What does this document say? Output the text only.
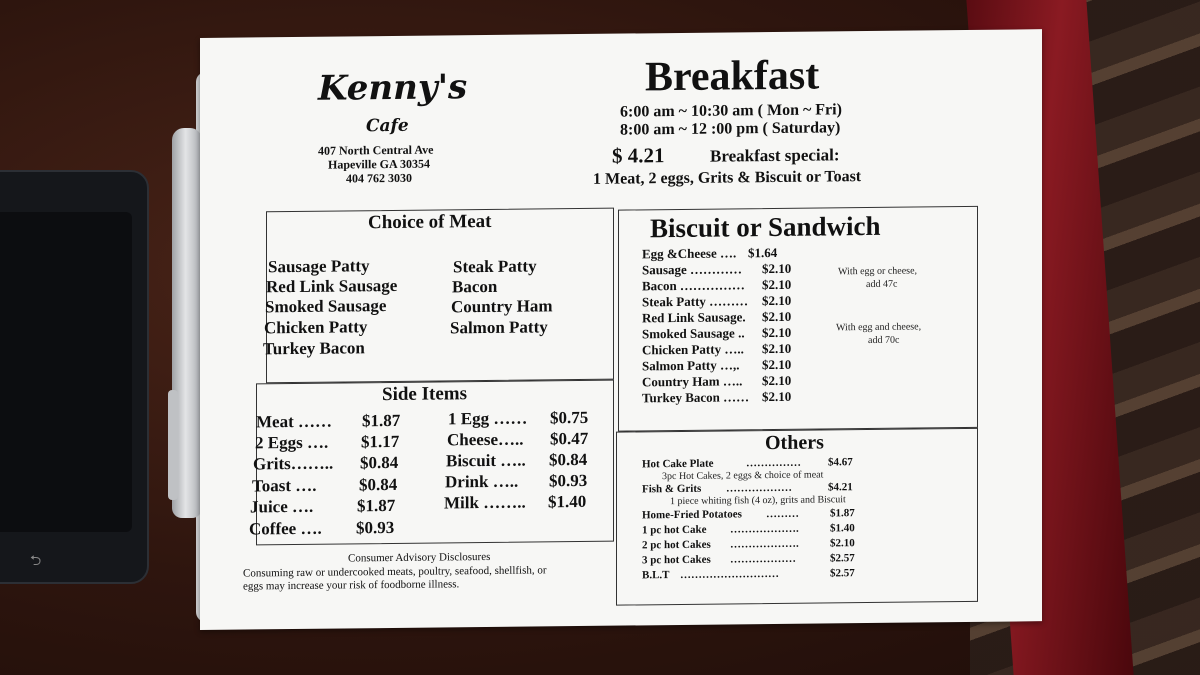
⮌
Kenny's
Cafe
407 North Central Ave
Hapeville GA 30354
404 762 3030
Breakfast
6:00 am ~ 10:30 am ( Mon ~ Fri)
8:00 am ~ 12 :00 pm ( Saturday)
$ 4.21	Breakfast special:
1 Meat, 2 eggs, Grits & Biscuit or Toast
Choice of Meat
Sausage Patty
Red Link Sausage
Smoked Sausage
Chicken Patty
Turkey Bacon
Steak Patty
Bacon
Country Ham
Salmon Patty
Side Items
Meat …… $1.87
2 Eggs …. $1.17
Grits…….. $0.84
Toast …. $0.84
Juice ….	$1.87
Coffee …. $0.93
1 Egg …… $0.75
Cheese….. $0.47
Biscuit ….. $0.84
Drink ….. $0.93
Milk …….. $1.40
Consumer Advisory Disclosures
Consuming raw or undercooked meats, poultry, seafood, shellfish, or
eggs may increase your risk of foodborne illness.
Biscuit or Sandwich
Egg &Cheese …. $1.64
Sausage ………… $2.10
Bacon …………… $2.10
Steak Patty ……… $2.10
Red Link Sausage. $2.10
Smoked Sausage .. $2.10
Chicken Patty ….. $2.10
Salmon Patty …,. $2.10
Country Ham ….. $2.10
Turkey Bacon …… $2.10
With egg or cheese,
add 47c
With egg and cheese,
add 70c
Others
Hot Cake Plate	…………… $4.67
3pc Hot Cakes, 2 eggs & choice of meat
Fish & Grits ………………	$4.21
1 piece whiting fish (4 oz), grits and Biscuit
Home-Fried Potatoes ………	$1.87
1 pc hot Cake ……………….	$1.40
2 pc hot Cakes ……………….	$2.10
3 pc hot Cakes ………………	$2.57
B.L.T ………………………	$2.57
